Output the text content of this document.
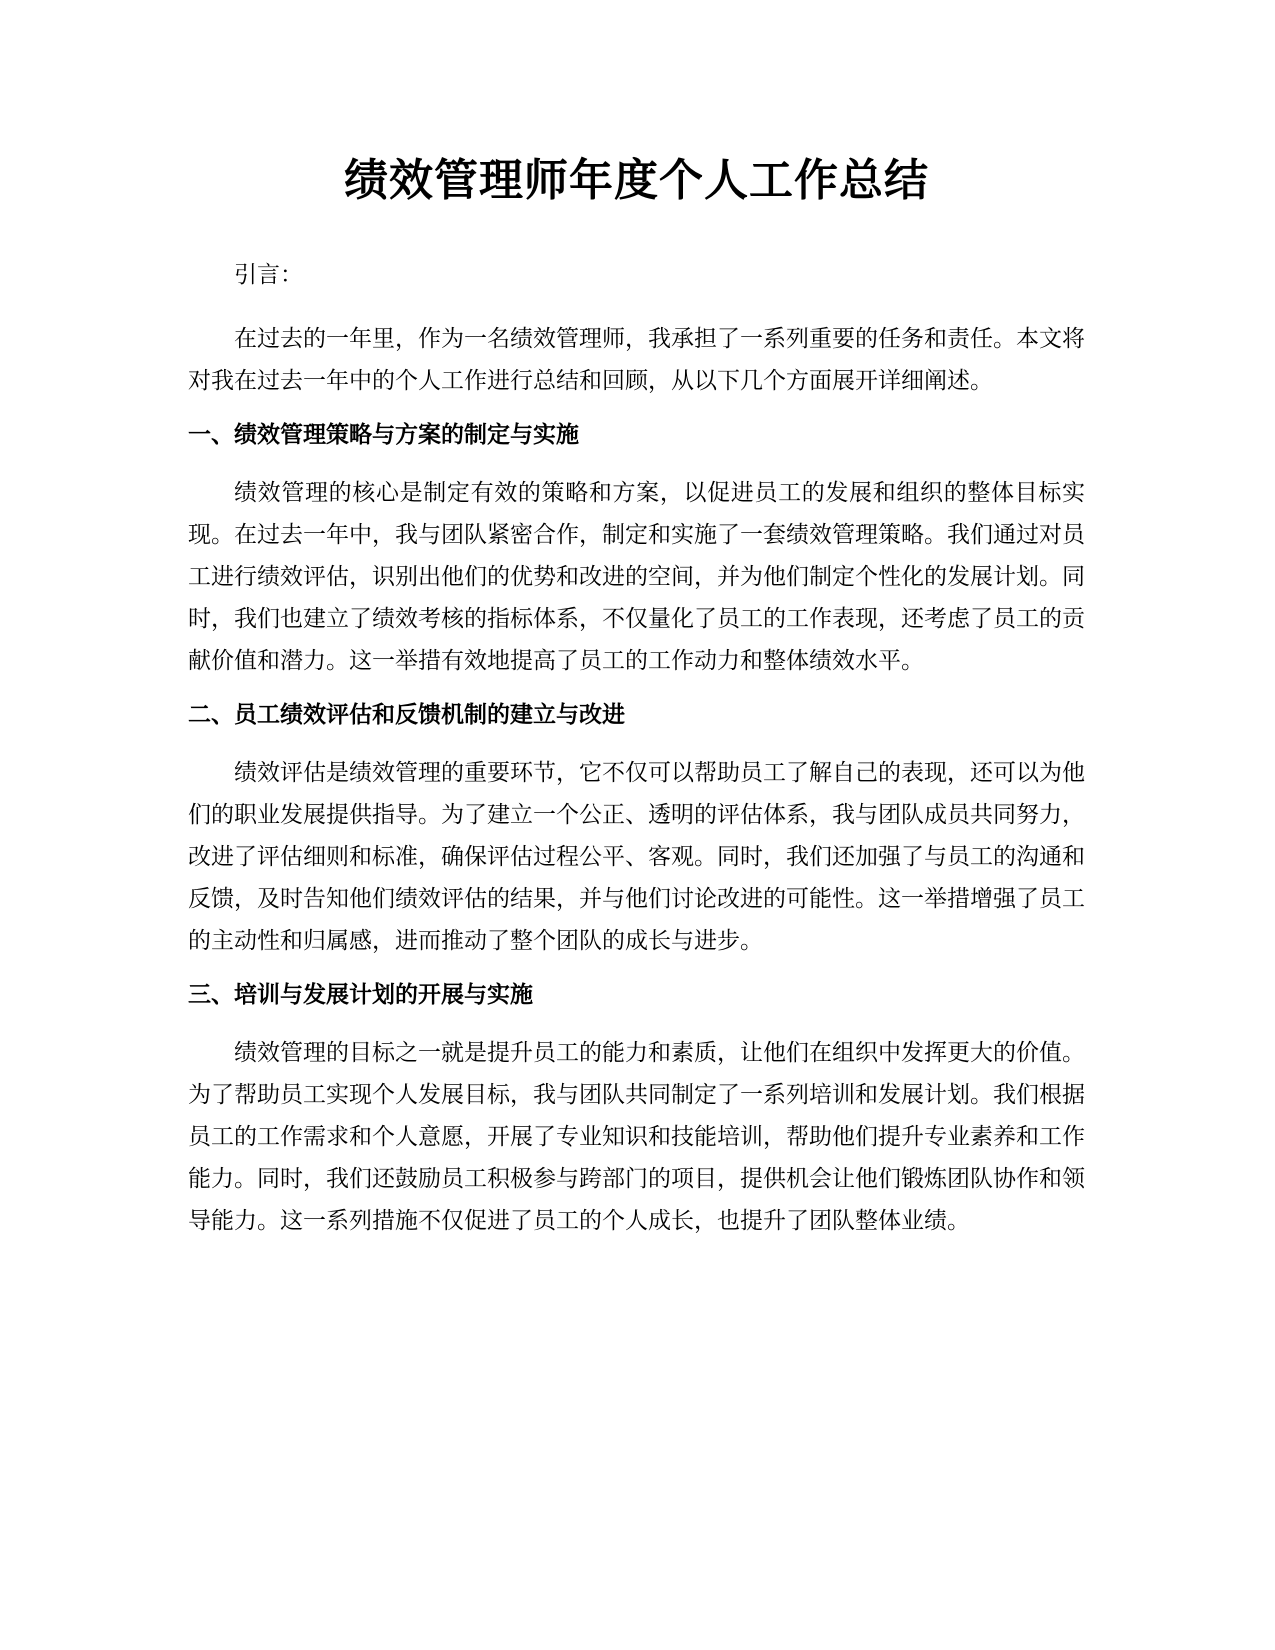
绩效管理师年度个人工作总结

引言：

在过去的一年里，作为一名绩效管理师，我承担了一系列重要的任务和责任。本文将对我在过去一年中的个人工作进行总结和回顾，从以下几个方面展开详细阐述。

一、绩效管理策略与方案的制定与实施

绩效管理的核心是制定有效的策略和方案，以促进员工的发展和组织的整体目标实现。在过去一年中，我与团队紧密合作，制定和实施了一套绩效管理策略。我们通过对员工进行绩效评估，识别出他们的优势和改进的空间，并为他们制定个性化的发展计划。同时，我们也建立了绩效考核的指标体系，不仅量化了员工的工作表现，还考虑了员工的贡献价值和潜力。这一举措有效地提高了员工的工作动力和整体绩效水平。

二、员工绩效评估和反馈机制的建立与改进

绩效评估是绩效管理的重要环节，它不仅可以帮助员工了解自己的表现，还可以为他们的职业发展提供指导。为了建立一个公正、透明的评估体系，我与团队成员共同努力，改进了评估细则和标准，确保评估过程公平、客观。同时，我们还加强了与员工的沟通和反馈，及时告知他们绩效评估的结果，并与他们讨论改进的可能性。这一举措增强了员工的主动性和归属感，进而推动了整个团队的成长与进步。

三、培训与发展计划的开展与实施

绩效管理的目标之一就是提升员工的能力和素质，让他们在组织中发挥更大的价值。为了帮助员工实现个人发展目标，我与团队共同制定了一系列培训和发展计划。我们根据员工的工作需求和个人意愿，开展了专业知识和技能培训，帮助他们提升专业素养和工作能力。同时，我们还鼓励员工积极参与跨部门的项目，提供机会让他们锻炼团队协作和领导能力。这一系列措施不仅促进了员工的个人成长，也提升了团队整体业绩。
